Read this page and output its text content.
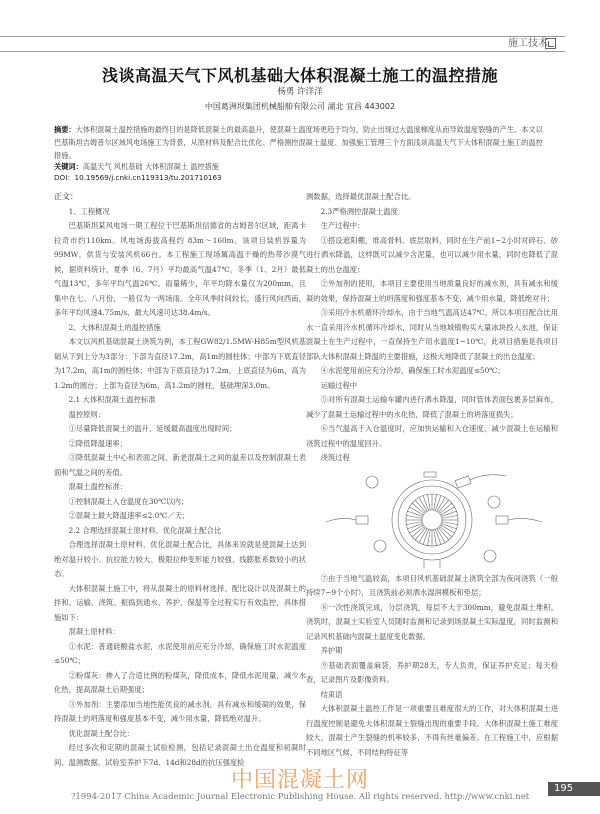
施工技术
浅谈高温天气下风机基础大体积混凝土施工的温控措施
杨勇 许洋洋
中国葛洲坝集团机械船舶有限公司 湖北 宜昌 443002
摘要：大体积混凝土温控措施的最终目的是降低混凝土的最高温升，使混凝土温度场更趋于均匀，防止出现过大温度梯度从而导致温度裂缝的产生。本文以巴基斯坦吉姆普尔区域风电场施工为背景，从原材料及配合比优化、严格测控混凝土温度、加强施工管理三个方面浅谈高温天气下大体积混凝土施工的温控措施。
关键词：高温天气 风机基础 大体积混凝土 温控措施
DOI：10.19569/j.cnki.cn119313/tu.201710163

正文：

1、工程概况

巴基斯坦某风电场一期工程位于巴基斯坦信德省的吉姆普尔区域，距离卡拉奇市约110km。风电场海拔高程约 83m～160m。该项目装机容量为99MW，供货与安装风机66台。本工程施工现场属高温干燥的热带沙漠气候，据资料统计，夏季（6、7月）平均最高气温47℃，冬季（1、2月）最低气温13℃，多年平均气温26℃。雨量稀少，年平均降水量仅为200mm，且集中在七、八月份，一般仅为一两场雨。全年风季时间较长，盛行风向西南，多年平均风速4.75m/s，最大风速可达38.4m/s。

2、大体积混凝土的温控措施

本文以风机基础混凝土浇筑为例，本工程GW82/1.5MW-H85m型风机基础从下到上分为3部分：下部为直径17.2m，高1m的圆柱体；中部为下底直径为17.2m，高1m的圆柱体；中部为下底直径为17.2m，上底直径为6m，高为1.2m的圆台；上部为直径为6m，高1.2m的圆柱，基础埋深3.0m。

2.1 大体积混凝土温控标准

温控原则：

①尽量降低混凝土的温升、延缓最高温度出现时间；

②降低降温速率；

③降低混凝土中心和表面之间、新老混凝土之间的温差以及控制混凝土表面和气温之间的差值。

混凝土温控标准：

①控制混凝土入仓温度在30℃以内；

②混凝土最大降温速率≤2.0℃／天；

2.2 合理选择混凝土原材料、优化混凝土配合比

合理选择混凝土原材料、优化混凝土配合比，具体来说就是使混凝土达到绝对温升较小、抗拉能力较大、极限拉伸变形能力较强、线膨胀系数较小的状态。

大体积混凝土施工中，将从混凝土的原料材选择、配比设计以及混凝土的拌和、运输、浇筑、振捣到通水、养护、保温等全过程实行有效监控，具体措施如下：

混凝土原材料：

①水泥：普通硅酸盐水泥，水泥使用前应充分冷却，确保施工时水泥温度≤50℃；

②粉煤灰：掺入了合适比例的粉煤灰，降低成本，降低水泥用量，减少水化热，提高混凝土后期强度；

③外加剂：主要添加当地性能优良的减水剂，具有减水和缓凝的效果，保持混凝土的坍落度和强度基本不变，减少用水量，降低绝对温升。

优化混凝土配合比：

经过多次和定期的混凝土试验检测，包括记录混凝土出仓温度和初凝时间、温测数据、试验室养护下7d、14d和28d的抗压强度检

测数据，选择最优混凝土配合比。

2.3严格测控混凝土温度

生产过程中：

①搭设遮阳棚，堆高骨料、底层取料，同时在生产前1~2小时对碎石、砂进行洒水降温，这样既可以减少含泥量，也可以减少用水量，同时也降低了混凝土的出仓温度；

②外加剂的使用，本项目主要使用当地质量良好的减水剂，具有减水和缓凝的效果，保持混凝土的坍落度和强度基本不变，减少用水量，降低绝对升；

③采用冷水机循环冷却水，由于当地气温高达47℃，所以本项目配合比用水一直采用冷水机循环冷却水，同时从当地城镇购买大量冰块投入水池，保证混凝土在生产过程中，一直保持生产用水温度1~10℃，此项目措施是我项目部队大体积混凝土降温的主要措施，这极大地降低了混凝土的出仓温度；

④水泥使用前应充分冷却，确保施工时水泥温度≤50℃；

运输过程中

⑤对所有混凝土运输车罐内进行洒水降温，同时管体表面包裹多层麻布，减少了混凝土运输过程中的水化热，降低了混凝土的坍落度损失；

⑥当气温高于入仓温度时，应加快运输和入仓速度，减少混凝土在运输和浇筑过程中的温度回升。

浇筑过程

⑦由于当地气温较高，本项目风机基础混凝土浇筑全部为夜间浇筑（一般持续7~9个小时），且浇筑前必须洒水湿润模板和垫层；

⑧一次性浇筑完成，分层浇筑，每层不大于300mm，避免混凝土堆积。浇筑时，混凝土实验室人员随时监测和记录到场混凝土实际温度，同时监测和记录风机基础内混凝土温度变化数据。

养护期

⑨基础表面覆盖麻袋，养护期28天，专人负责，保证养护充足；每天检查，记录图片及影像资料。

结束语

大体积混凝土温控工作是一项重要且难度很大的工作，对大体积混凝土进行温度控制是避免大体积混凝土裂缝出现的重要手段。大体积混凝土施工难度较大，混凝土产生裂缝的机率较多，不得有丝毫偏差。在工程施工中，应根据不同地区气候、不同结构特征等

中国混凝土网	195
?1994-2017 China Academic Journal Electronic Publishing House. All rights reserved. http://www.cnki.net
